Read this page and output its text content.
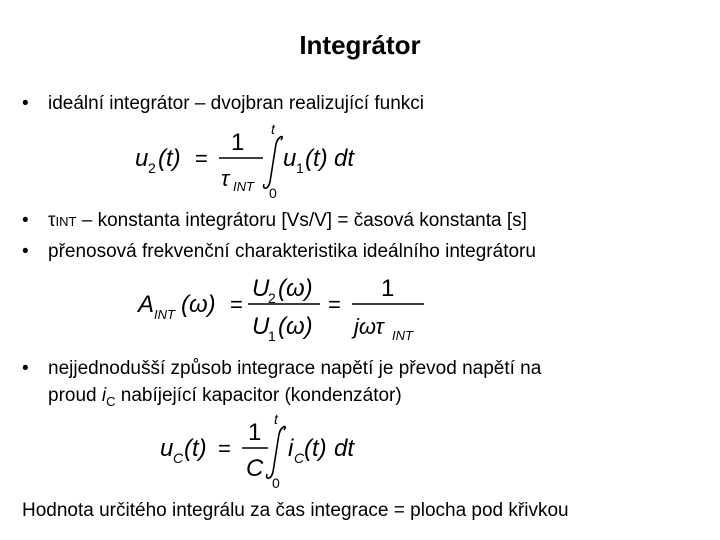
Integrátor
• ideální integrátor – dvojbran realizující funkci
u 2 (t) =
1
τ INT
t
0
u 1 (t) dt
• τINT – konstanta integrátoru [Vs/V] = časová konstanta [s]
• přenosová frekvenční charakteristika ideálního integrátoru
A INT (ω) =
U
2 (ω)
U
1 (ω)
=
1
jωτ INT
• nejjednodušší způsob integrace napětí je převod napětí na
proud $i_C$ nabíjející kapacitor (kondenzátor)
u C (t) =
1
C
t
0
i C (t) dt
Hodnota určitého integrálu za čas integrace = plocha pod křivkou
